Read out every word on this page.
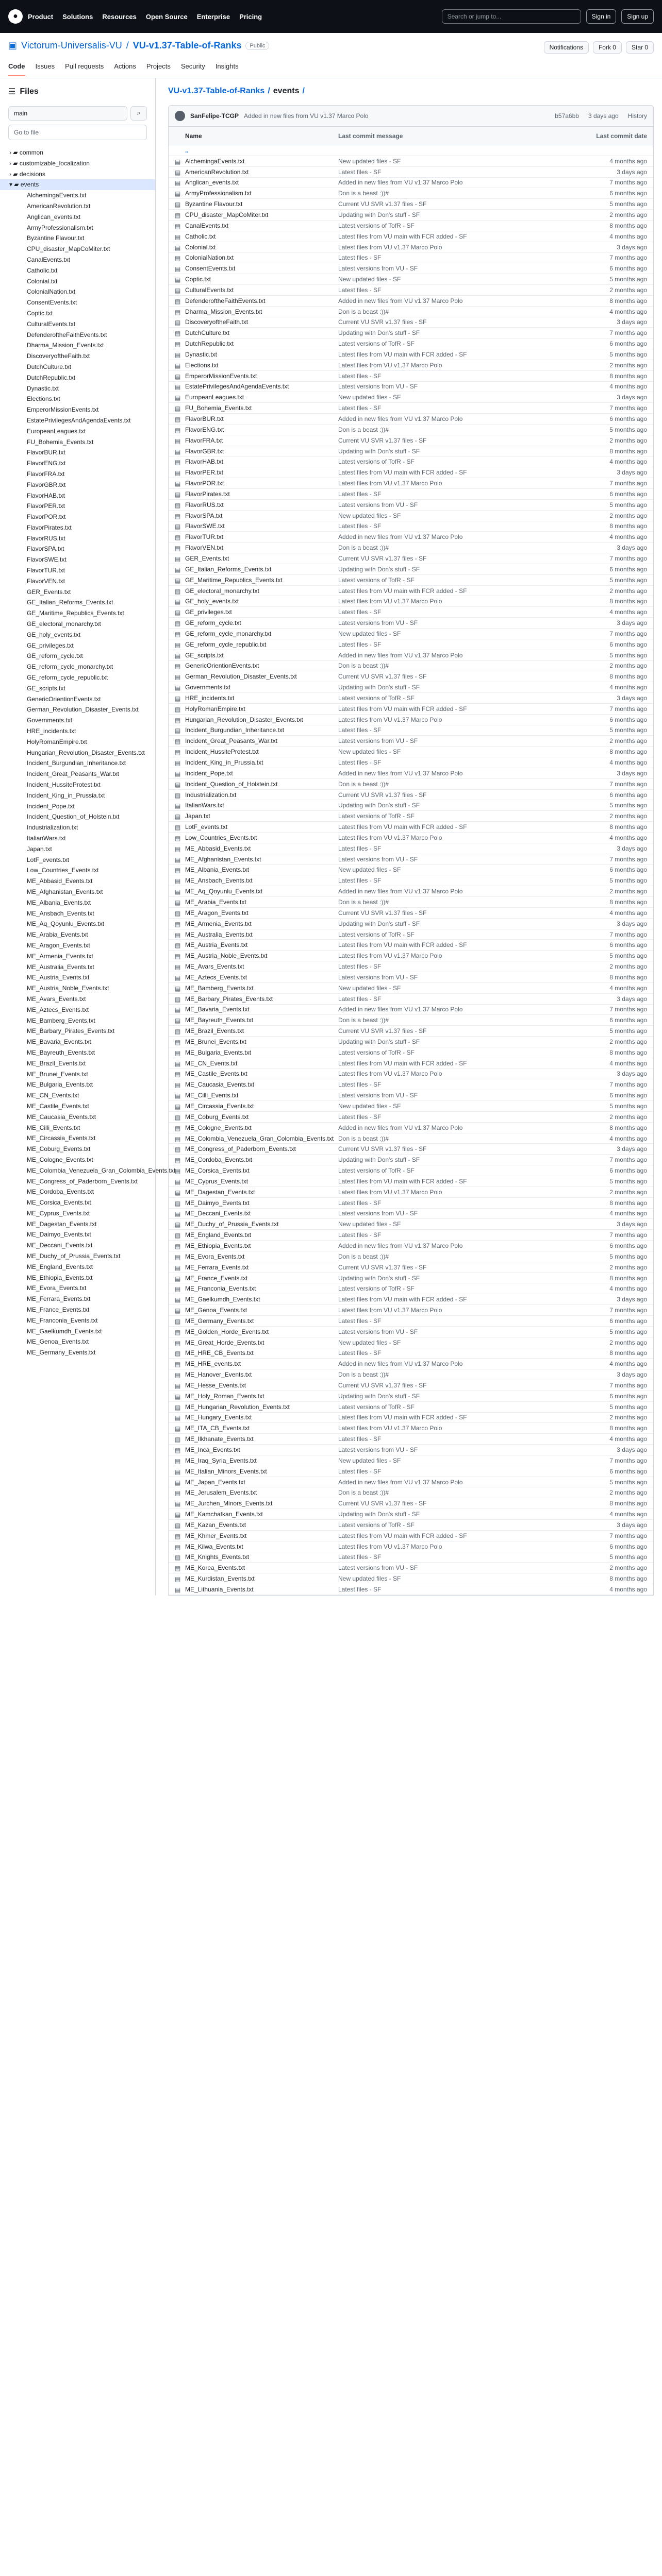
●	Product Solutions Resources Open Source Enterprise Pricing	Search or jump to...	Sign in	Sign up
▣ Victorum-Universalis-VU / VU-v1.37-Table-of-Ranks	Public	Notifications	Fork 0	Star 0
Code Issues Pull requests Actions Projects Security Insights
☰ Files
main	⌕
Go to file
› ▰ common
› ▰ customizable_localization
› ▰ decisions
▾ ▰ events
AlchemingaEvents.txt
AmericanRevolution.txt
Anglican_events.txt
ArmyProfessionalism.txt
Byzantine Flavour.txt
CPU_disaster_MapCoMiter.txt
CanalEvents.txt
Catholic.txt
Colonial.txt
ColonialNation.txt
ConsentEvents.txt
Coptic.txt
CulturalEvents.txt
DefenderoftheFaithEvents.txt
Dharma_Mission_Events.txt
DiscoveryoftheFaith.txt
DutchCulture.txt
DutchRepublic.txt
Dynastic.txt
Elections.txt
EmperorMissionEvents.txt
EstatePrivilegesAndAgendaEvents.txt
EuropeanLeagues.txt
FU_Bohemia_Events.txt
FlavorBUR.txt
FlavorENG.txt
FlavorFRA.txt
FlavorGBR.txt
FlavorHAB.txt
FlavorPER.txt
FlavorPOR.txt
FlavorPirates.txt
FlavorRUS.txt
FlavorSPA.txt
FlavorSWE.txt
FlavorTUR.txt
FlavorVEN.txt
GER_Events.txt
GE_Italian_Reforms_Events.txt
GE_Maritime_Republics_Events.txt
GE_electoral_monarchy.txt
GE_holy_events.txt
GE_privileges.txt
GE_reform_cycle.txt
GE_reform_cycle_monarchy.txt
GE_reform_cycle_republic.txt
GE_scripts.txt
GenericOrientionEvents.txt
German_Revolution_Disaster_Events.txt
Governments.txt
HRE_incidents.txt
HolyRomanEmpire.txt
Hungarian_Revolution_Disaster_Events.txt
Incident_Burgundian_Inheritance.txt
Incident_Great_Peasants_War.txt
Incident_HussiteProtest.txt
Incident_King_in_Prussia.txt
Incident_Pope.txt
Incident_Question_of_Holstein.txt
Industrialization.txt
ItalianWars.txt
Japan.txt
LotF_events.txt
Low_Countries_Events.txt
ME_Abbasid_Events.txt
ME_Afghanistan_Events.txt
ME_Albania_Events.txt
ME_Ansbach_Events.txt
ME_Aq_Qoyunlu_Events.txt
ME_Arabia_Events.txt
ME_Aragon_Events.txt
ME_Armenia_Events.txt
ME_Australia_Events.txt
ME_Austria_Events.txt
ME_Austria_Noble_Events.txt
ME_Avars_Events.txt
ME_Aztecs_Events.txt
ME_Bamberg_Events.txt
ME_Barbary_Pirates_Events.txt
ME_Bavaria_Events.txt
ME_Bayreuth_Events.txt
ME_Brazil_Events.txt
ME_Brunei_Events.txt
ME_Bulgaria_Events.txt
ME_CN_Events.txt
ME_Castile_Events.txt
ME_Caucasia_Events.txt
ME_Cilli_Events.txt
ME_Circassia_Events.txt
ME_Coburg_Events.txt
ME_Cologne_Events.txt
ME_Colombia_Venezuela_Gran_Colombia_Events.txt
ME_Congress_of_Paderborn_Events.txt
ME_Cordoba_Events.txt
ME_Corsica_Events.txt
ME_Cyprus_Events.txt
ME_Dagestan_Events.txt
ME_Daimyo_Events.txt
ME_Deccani_Events.txt
ME_Duchy_of_Prussia_Events.txt
ME_England_Events.txt
ME_Ethiopia_Events.txt
ME_Evora_Events.txt
ME_Ferrara_Events.txt
ME_France_Events.txt
ME_Franconia_Events.txt
ME_Gaelkumdh_Events.txt
ME_Genoa_Events.txt
ME_Germany_Events.txt
VU-v1.37-Table-of-Ranks / events /
SanFelipe-TCGP Added in new files from VU v1.37 Marco Polo	b57a6bb 3 days ago History
Name	Last commit message	Last commit date
..
▤ AlchemingaEvents.txt	New updated files - SF	4 months ago
▤ AmericanRevolution.txt	Latest files - SF	3 days ago
▤ Anglican_events.txt	Added in new files from VU v1.37 Marco Polo	7 months ago
▤ ArmyProfessionalism.txt	Don is a beast :))#	6 months ago
▤ Byzantine Flavour.txt	Current VU SVR v1.37 files - SF	5 months ago
▤ CPU_disaster_MapCoMiter.txt	Updating with Don's stuff - SF	2 months ago
▤ CanalEvents.txt	Latest versions of TofR - SF	8 months ago
▤ Catholic.txt	Latest files from VU main with FCR added - SF	4 months ago
▤ Colonial.txt	Latest files from VU v1.37 Marco Polo	3 days ago
▤ ColonialNation.txt	Latest files - SF	7 months ago
▤ ConsentEvents.txt	Latest versions from VU - SF	6 months ago
▤ Coptic.txt	New updated files - SF	5 months ago
▤ CulturalEvents.txt	Latest files - SF	2 months ago
▤ DefenderoftheFaithEvents.txt	Added in new files from VU v1.37 Marco Polo	8 months ago
▤ Dharma_Mission_Events.txt	Don is a beast :))#	4 months ago
▤ DiscoveryoftheFaith.txt	Current VU SVR v1.37 files - SF	3 days ago
▤ DutchCulture.txt	Updating with Don's stuff - SF	7 months ago
▤ DutchRepublic.txt	Latest versions of TofR - SF	6 months ago
▤ Dynastic.txt	Latest files from VU main with FCR added - SF	5 months ago
▤ Elections.txt	Latest files from VU v1.37 Marco Polo	2 months ago
▤ EmperorMissionEvents.txt	Latest files - SF	8 months ago
▤ EstatePrivilegesAndAgendaEvents.txt	Latest versions from VU - SF	4 months ago
▤ EuropeanLeagues.txt	New updated files - SF	3 days ago
▤ FU_Bohemia_Events.txt	Latest files - SF	7 months ago
▤ FlavorBUR.txt	Added in new files from VU v1.37 Marco Polo	6 months ago
▤ FlavorENG.txt	Don is a beast :))#	5 months ago
▤ FlavorFRA.txt	Current VU SVR v1.37 files - SF	2 months ago
▤ FlavorGBR.txt	Updating with Don's stuff - SF	8 months ago
▤ FlavorHAB.txt	Latest versions of TofR - SF	4 months ago
▤ FlavorPER.txt	Latest files from VU main with FCR added - SF	3 days ago
▤ FlavorPOR.txt	Latest files from VU v1.37 Marco Polo	7 months ago
▤ FlavorPirates.txt	Latest files - SF	6 months ago
▤ FlavorRUS.txt	Latest versions from VU - SF	5 months ago
▤ FlavorSPA.txt	New updated files - SF	2 months ago
▤ FlavorSWE.txt	Latest files - SF	8 months ago
▤ FlavorTUR.txt	Added in new files from VU v1.37 Marco Polo	4 months ago
▤ FlavorVEN.txt	Don is a beast :))#	3 days ago
▤ GER_Events.txt	Current VU SVR v1.37 files - SF	7 months ago
▤ GE_Italian_Reforms_Events.txt	Updating with Don's stuff - SF	6 months ago
▤ GE_Maritime_Republics_Events.txt	Latest versions of TofR - SF	5 months ago
▤ GE_electoral_monarchy.txt	Latest files from VU main with FCR added - SF	2 months ago
▤ GE_holy_events.txt	Latest files from VU v1.37 Marco Polo	8 months ago
▤ GE_privileges.txt	Latest files - SF	4 months ago
▤ GE_reform_cycle.txt	Latest versions from VU - SF	3 days ago
▤ GE_reform_cycle_monarchy.txt	New updated files - SF	7 months ago
▤ GE_reform_cycle_republic.txt	Latest files - SF	6 months ago
▤ GE_scripts.txt	Added in new files from VU v1.37 Marco Polo	5 months ago
▤ GenericOrientionEvents.txt	Don is a beast :))#	2 months ago
▤ German_Revolution_Disaster_Events.txt	Current VU SVR v1.37 files - SF	8 months ago
▤ Governments.txt	Updating with Don's stuff - SF	4 months ago
▤ HRE_incidents.txt	Latest versions of TofR - SF	3 days ago
▤ HolyRomanEmpire.txt	Latest files from VU main with FCR added - SF	7 months ago
▤ Hungarian_Revolution_Disaster_Events.txt	Latest files from VU v1.37 Marco Polo	6 months ago
▤ Incident_Burgundian_Inheritance.txt	Latest files - SF	5 months ago
▤ Incident_Great_Peasants_War.txt	Latest versions from VU - SF	2 months ago
▤ Incident_HussiteProtest.txt	New updated files - SF	8 months ago
▤ Incident_King_in_Prussia.txt	Latest files - SF	4 months ago
▤ Incident_Pope.txt	Added in new files from VU v1.37 Marco Polo	3 days ago
▤ Incident_Question_of_Holstein.txt	Don is a beast :))#	7 months ago
▤ Industrialization.txt	Current VU SVR v1.37 files - SF	6 months ago
▤ ItalianWars.txt	Updating with Don's stuff - SF	5 months ago
▤ Japan.txt	Latest versions of TofR - SF	2 months ago
▤ LotF_events.txt	Latest files from VU main with FCR added - SF	8 months ago
▤ Low_Countries_Events.txt	Latest files from VU v1.37 Marco Polo	4 months ago
▤ ME_Abbasid_Events.txt	Latest files - SF	3 days ago
▤ ME_Afghanistan_Events.txt	Latest versions from VU - SF	7 months ago
▤ ME_Albania_Events.txt	New updated files - SF	6 months ago
▤ ME_Ansbach_Events.txt	Latest files - SF	5 months ago
▤ ME_Aq_Qoyunlu_Events.txt	Added in new files from VU v1.37 Marco Polo	2 months ago
▤ ME_Arabia_Events.txt	Don is a beast :))#	8 months ago
▤ ME_Aragon_Events.txt	Current VU SVR v1.37 files - SF	4 months ago
▤ ME_Armenia_Events.txt	Updating with Don's stuff - SF	3 days ago
▤ ME_Australia_Events.txt	Latest versions of TofR - SF	7 months ago
▤ ME_Austria_Events.txt	Latest files from VU main with FCR added - SF	6 months ago
▤ ME_Austria_Noble_Events.txt	Latest files from VU v1.37 Marco Polo	5 months ago
▤ ME_Avars_Events.txt	Latest files - SF	2 months ago
▤ ME_Aztecs_Events.txt	Latest versions from VU - SF	8 months ago
▤ ME_Bamberg_Events.txt	New updated files - SF	4 months ago
▤ ME_Barbary_Pirates_Events.txt	Latest files - SF	3 days ago
▤ ME_Bavaria_Events.txt	Added in new files from VU v1.37 Marco Polo	7 months ago
▤ ME_Bayreuth_Events.txt	Don is a beast :))#	6 months ago
▤ ME_Brazil_Events.txt	Current VU SVR v1.37 files - SF	5 months ago
▤ ME_Brunei_Events.txt	Updating with Don's stuff - SF	2 months ago
▤ ME_Bulgaria_Events.txt	Latest versions of TofR - SF	8 months ago
▤ ME_CN_Events.txt	Latest files from VU main with FCR added - SF	4 months ago
▤ ME_Castile_Events.txt	Latest files from VU v1.37 Marco Polo	3 days ago
▤ ME_Caucasia_Events.txt	Latest files - SF	7 months ago
▤ ME_Cilli_Events.txt	Latest versions from VU - SF	6 months ago
▤ ME_Circassia_Events.txt	New updated files - SF	5 months ago
▤ ME_Coburg_Events.txt	Latest files - SF	2 months ago
▤ ME_Cologne_Events.txt	Added in new files from VU v1.37 Marco Polo	8 months ago
▤ ME_Colombia_Venezuela_Gran_Colombia_Events.txt Don is a beast :))#	4 months ago
▤ ME_Congress_of_Paderborn_Events.txt	Current VU SVR v1.37 files - SF	3 days ago
▤ ME_Cordoba_Events.txt	Updating with Don's stuff - SF	7 months ago
▤ ME_Corsica_Events.txt	Latest versions of TofR - SF	6 months ago
▤ ME_Cyprus_Events.txt	Latest files from VU main with FCR added - SF	5 months ago
▤ ME_Dagestan_Events.txt	Latest files from VU v1.37 Marco Polo	2 months ago
▤ ME_Daimyo_Events.txt	Latest files - SF	8 months ago
▤ ME_Deccani_Events.txt	Latest versions from VU - SF	4 months ago
▤ ME_Duchy_of_Prussia_Events.txt	New updated files - SF	3 days ago
▤ ME_England_Events.txt	Latest files - SF	7 months ago
▤ ME_Ethiopia_Events.txt	Added in new files from VU v1.37 Marco Polo	6 months ago
▤ ME_Evora_Events.txt	Don is a beast :))#	5 months ago
▤ ME_Ferrara_Events.txt	Current VU SVR v1.37 files - SF	2 months ago
▤ ME_France_Events.txt	Updating with Don's stuff - SF	8 months ago
▤ ME_Franconia_Events.txt	Latest versions of TofR - SF	4 months ago
▤ ME_Gaelkumdh_Events.txt	Latest files from VU main with FCR added - SF	3 days ago
▤ ME_Genoa_Events.txt	Latest files from VU v1.37 Marco Polo	7 months ago
▤ ME_Germany_Events.txt	Latest files - SF	6 months ago
▤ ME_Golden_Horde_Events.txt	Latest versions from VU - SF	5 months ago
▤ ME_Great_Horde_Events.txt	New updated files - SF	2 months ago
▤ ME_HRE_CB_Events.txt	Latest files - SF	8 months ago
▤ ME_HRE_events.txt	Added in new files from VU v1.37 Marco Polo	4 months ago
▤ ME_Hanover_Events.txt	Don is a beast :))#	3 days ago
▤ ME_Hesse_Events.txt	Current VU SVR v1.37 files - SF	7 months ago
▤ ME_Holy_Roman_Events.txt	Updating with Don's stuff - SF	6 months ago
▤ ME_Hungarian_Revolution_Events.txt	Latest versions of TofR - SF	5 months ago
▤ ME_Hungary_Events.txt	Latest files from VU main with FCR added - SF	2 months ago
▤ ME_ITA_CB_Events.txt	Latest files from VU v1.37 Marco Polo	8 months ago
▤ ME_Ilkhanate_Events.txt	Latest files - SF	4 months ago
▤ ME_Inca_Events.txt	Latest versions from VU - SF	3 days ago
▤ ME_Iraq_Syria_Events.txt	New updated files - SF	7 months ago
▤ ME_Italian_Minors_Events.txt	Latest files - SF	6 months ago
▤ ME_Japan_Events.txt	Added in new files from VU v1.37 Marco Polo	5 months ago
▤ ME_Jerusalem_Events.txt	Don is a beast :))#	2 months ago
▤ ME_Jurchen_Minors_Events.txt	Current VU SVR v1.37 files - SF	8 months ago
▤ ME_Kamchatkan_Events.txt	Updating with Don's stuff - SF	4 months ago
▤ ME_Kazan_Events.txt	Latest versions of TofR - SF	3 days ago
▤ ME_Khmer_Events.txt	Latest files from VU main with FCR added - SF	7 months ago
▤ ME_Kilwa_Events.txt	Latest files from VU v1.37 Marco Polo	6 months ago
▤ ME_Knights_Events.txt	Latest files - SF	5 months ago
▤ ME_Korea_Events.txt	Latest versions from VU - SF	2 months ago
▤ ME_Kurdistan_Events.txt	New updated files - SF	8 months ago
▤ ME_Lithuania_Events.txt	Latest files - SF	4 months ago
